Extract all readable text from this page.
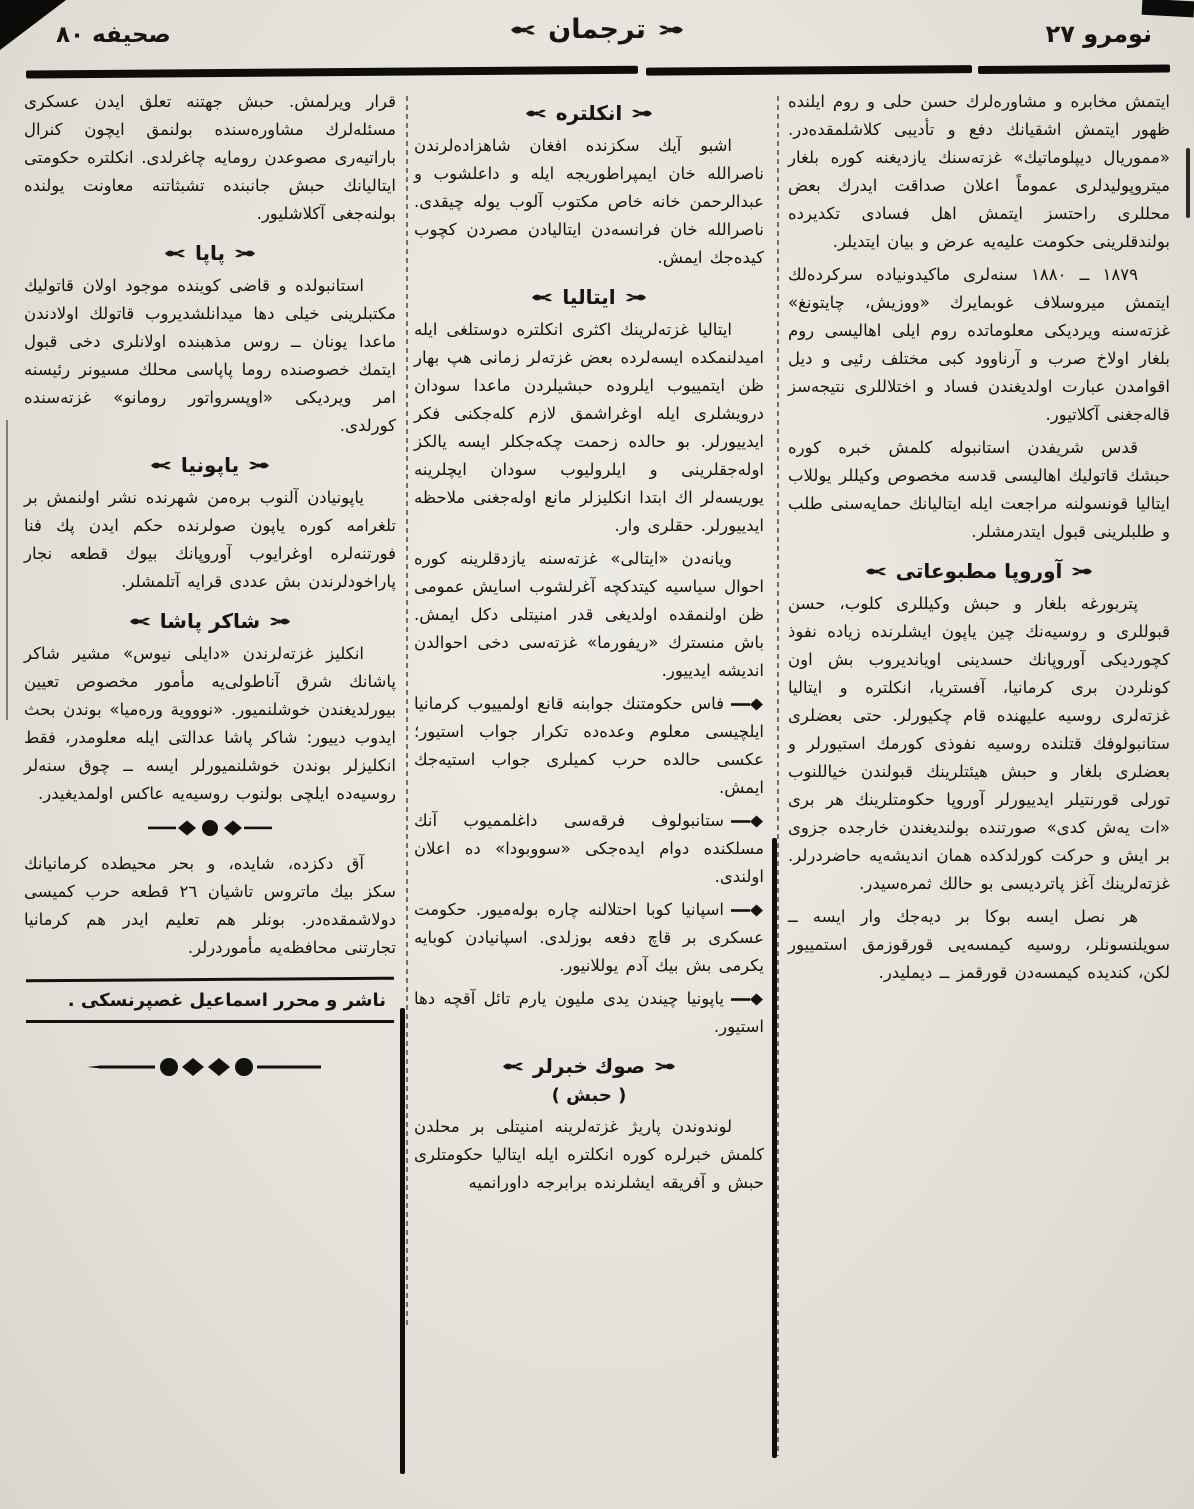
نومرو ٢٧
ترجمان
صحيفه ٨٠

ايتمش مخابره و مشاوره‌لرك حسن حلى و روم ايلنده ظهور ايتمش اشقيانك دفع و تأديبى كلاشلمقده‌در. «مموريال ديپلوماتيك» غزته‌سنك يازديغنه كوره بلغار ميتروپوليدلرى عموماً اعلان صداقت ايدرك بعض محللرى راحتسز ايتمش اهل فسادى تكديرده بولندقلرينى حكومت عليه‌يه عرض و بيان ايتديلر.

١٨٧٩ ــ ١٨٨٠ سنه‌لرى ماكيدونياده سركرده‌لك ايتمش ميروسلاف غوبمايرك «ووزيش، چايتونغ» غزته‌سنه ويرديكى معلوماتده روم ايلى اهاليسى روم بلغار اولاخ صرب و آرناوود كبى مختلف رئيى و ديل اقوامدن عبارت اولديغندن فساد و اختلاللرى نتيجه‌سز قاله‌جغنى آكلاتيور.

قدس شريفدن استانبوله كلمش خبره كوره حبشك قاتوليك اهاليسى قدسه مخصوص وكيللر يوللاب ايتاليا قونسولنه مراجعت ايله ايتاليانك حمايه‌سنى طلب و طلبلرينى قبول ايتدرمشلر.

آوروپا مطبوعاتى

پتربورغه بلغار و حبش وكيللرى كلوب، حسن قبوللرى و روسيه‌نك چين ياپون ايشلرنده زياده نفوذ كچورديكى آوروپانك حسدينى اويانديروب بش اون كونلردن برى كرمانيا، آفستريا، انكلتره و ايتاليا غزته‌لرى روسيه عليهنده قام چكيورلر. حتى بعضلرى ستانبولوفك قتلنده روسيه نفوذى كورمك استيورلر و بعضلرى بلغار و حبش هيئتلرينك قبولندن خياللنوب تورلى قورنتيلر ايدييورلر آوروپا حكومتلرينك هر برى «ات يەش كدى» صورتنده بولنديغندن خارجده جزوى بر ايش و حركت كورلدكده همان انديشه‌يه حاضردرلر. غزته‌لرينك آغز پاترديسى بو حالك ثمره‌سيدر.

هر نصل ايسه بوكا بر ديه‌جك وار ايسه ــ سويلنسونلر، روسيه كيمسه‌يى قورقوزمق استمييور لكن، كنديده كيمسه‌دن قورقمز ــ ديمليدر.

انكلتره

اشبو آيك سكزنده افغان شاهزاده‌لرندن ناصرالله خان ايمپراطوريجه ايله و داعلشوب و عبدالرحمن خانه خاص مكتوب آلوب يوله چيقدى. ناصرالله خان فرانسه‌دن ايتاليادن مصردن كچوب كيده‌جك ايمش.

ايتاليا

ايتاليا غزته‌لرينك اكثرى انكلتره دوستلغى ايله اميدلنمكده ايسه‌لرده بعض غزته‌لر زمانى هپ بهار ظن ايتمييوب ايلروده حبشيلردن ماعدا سودان درويشلرى ايله اوغراشمق لازم كله‌جكنى فكر ايدييورلر. بو حالده زحمت چكه‌جكلر ايسه يالكز اوله‌جقلرينى و ايلروليوب سودان ايچلرينه يوريسه‌لر اك ابتدا انكليزلر مانع اوله‌جغنى ملاحظه ايدييورلر. حقلرى وار.

ويانه‌دن «ايتالى» غزته‌سنه يازدقلرينه كوره احوال سياسيه كيتدكچه آغرلشوب اسايش عمومى ظن اولنمقده اولديغى قدر امنيتلى دكل ايمش. باش منسترك «ريفورما» غزته‌سى دخى احوالدن انديشه ايدييور.

فاس حكومتنك جوابنه قانع اولمييوب كرمانيا ايلچيسى معلوم وعده‌ده تكرار جواب استيور؛ عكسى حالده حرب كميلرى جواب استيه‌جك ايمش.

ستانبولوف فرقه‌سى داغلمميوب آنك مسلكنده دوام ايده‌جكى «سووبودا» ده اعلان اولندى.

اسپانيا كوبا احتلالنه چاره بوله‌ميور. حكومت عسكرى بر قاچ دفعه بوزلدى. اسپانيادن كوبايه يكرمى بش بيك آدم يوللانيور.

ياپونيا چيندن يدى مليون يارم تائل آقچه دها استيور.

صوك خبرلر
( حبش )

لوندوندن پاريژ غزته‌لرينه امنيتلى بر محلدن كلمش خبرلره كوره انكلتره ايله ايتاليا حكومتلرى حبش و آفريقه ايشلرنده برابرجه داورانميه

قرار ويرلمش. حبش جهتنه تعلق ايدن عسكرى مسئله‌لرك مشاوره‌سنده بولنمق ايچون كنرال باراتيه‌رى مصوعدن رومايه چاغرلدى. انكلتره حكومتى ايتاليانك حبش جانبنده تشبثاتنه معاونت يولنده بولنه‌جغى آكلاشليور.

پاپا

استانبولده و قاضى كوينده موجود اولان قاتوليك مكتبلرينى خيلى دها ميدانلشديروب قاتولك اولادندن ماعدا يونان ــ روس مذهبنده اولانلرى دخى قبول ايتمك خصوصنده روما پاپاسى محلك مسيونر رئيسنه امر ويرديكى «اوپسرواتور رومانو» غزته‌سنده كورلدى.

ياپونيا

ياپونيادن آلنوب بره‌من شهرنده نشر اولنمش بر تلغرامه كوره ياپون صولرنده حكم ايدن پك فنا فورتنه‌لره اوغرايوب آوروپانك بيوك قطعه نجار پاراخودلرندن بش عددى قرايه آتلمشلر.

شاكر پاشا

انكليز غزته‌لرندن «دايلى نيوس» مشير شاكر پاشانك شرق آناطولى‌يه مأمور مخصوص تعيين بيورلديغندن خوشلنميور. «نوووية وره‌ميا» بوندن بحث ايدوب دييور: شاكر پاشا عدالتى ايله معلومدر، فقط انكليزلر بوندن خوشلنميورلر ايسه ــ چوق سنه‌لر روسيه‌ده ايلچى بولنوب روسيه‌يه عاكس اولمديغيدر.

آق دكزده، شايده، و بحر محيطده كرمانيانك سكز بيك ماتروس تاشيان ٢٦ قطعه حرب كميسى دولاشمقده‌در. بونلر هم تعليم ايدر هم كرمانيا تجارتنى محافظه‌يه مأموردرلر.

ناشر و محرر اسماعيل غصپرنسكى .
